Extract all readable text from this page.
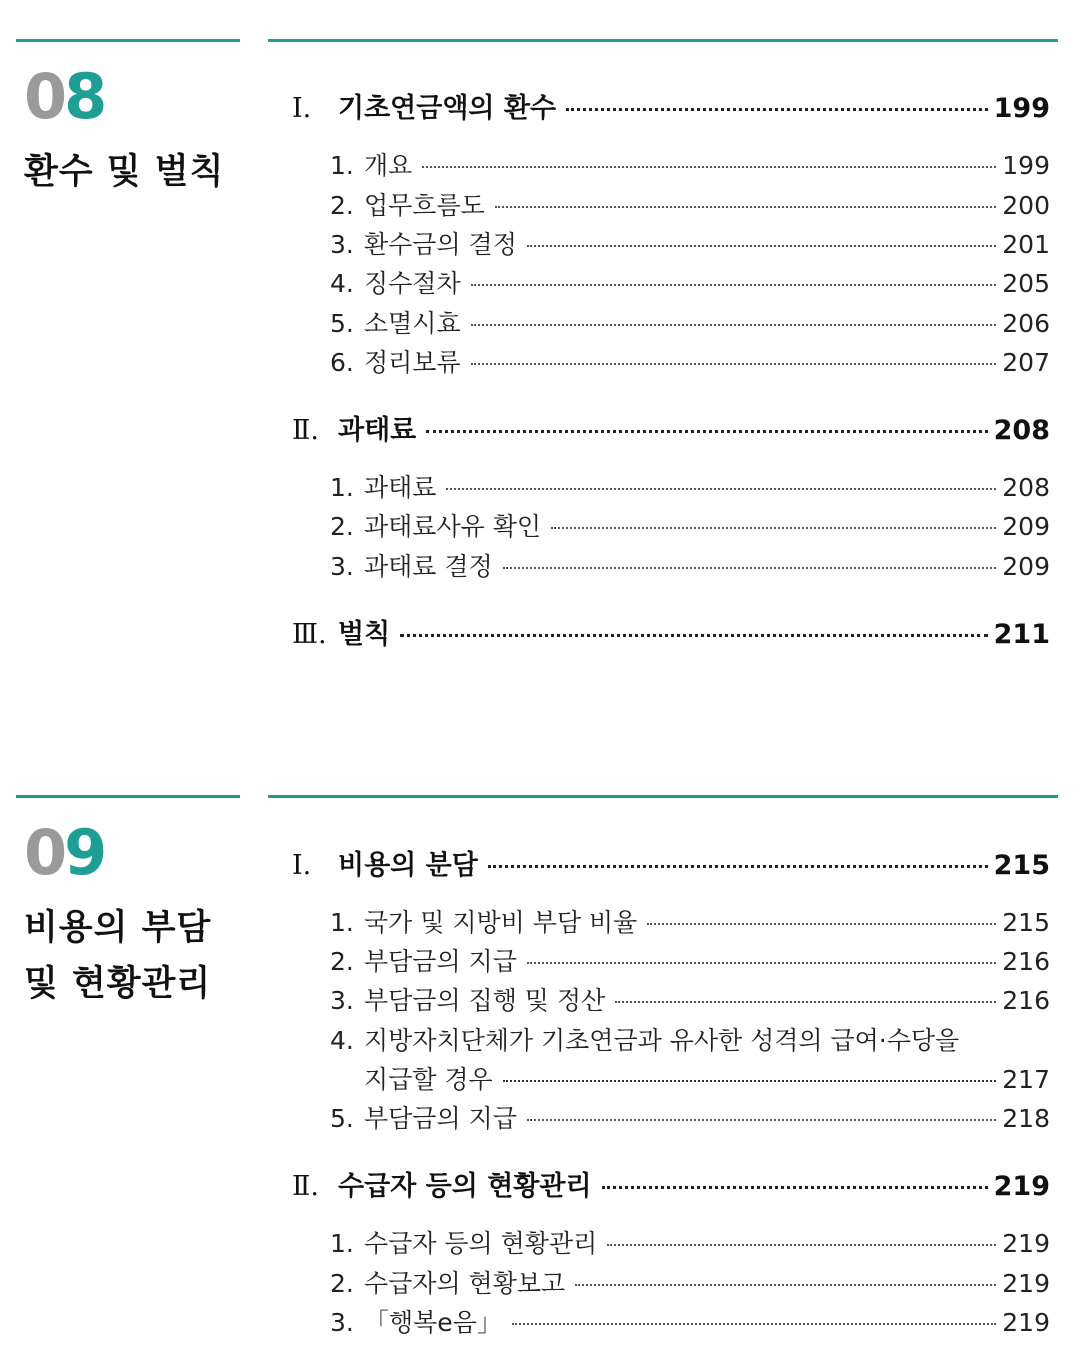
08
환수 및 벌칙
Ⅰ. 기초연금액의 환수	199
1. 개요	199
2. 업무흐름도	200
3. 환수금의 결정	201
4. 징수절차	205
5. 소멸시효	206
6. 정리보류	207
Ⅱ. 과태료	208
1. 과태료	208
2. 과태료사유 확인	209
3. 과태료 결정	209
Ⅲ. 벌칙	211
09
비용의 부담
및 현황관리
Ⅰ. 비용의 분담	215
1. 국가 및 지방비 부담 비율	215
2. 부담금의 지급	216
3. 부담금의 집행 및 정산	216
4. 지방자치단체가 기초연금과 유사한 성격의 급여·수당을
지급할 경우	217
5. 부담금의 지급	218
Ⅱ. 수급자 등의 현황관리	219
1. 수급자 등의 현황관리	219
2. 수급자의 현황보고	219
3. 「행복e음」	219
